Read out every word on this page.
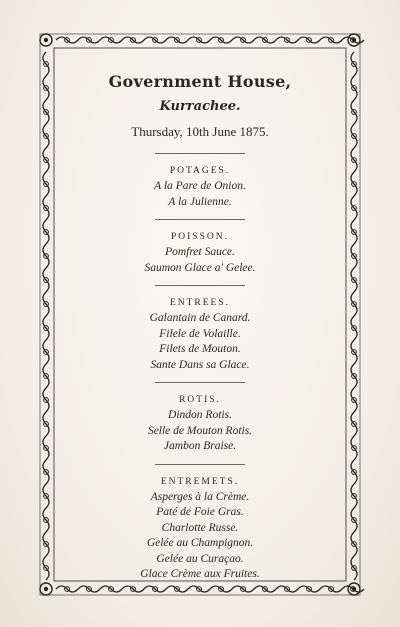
Government House,
Kurrachee.
Thursday, 10th June 1875.
POTAGES.
A la Pare de Onion.
A la Julienne.
POISSON.
Pomfret Sauce.
Saumon Glace a' Gelee.
ENTREES.
Galantain de Canard.
Filele de Volaille.
Filets de Mouton.
Sante Dans sa Glace.
ROTIS.
Dindon Rotis.
Selle de Mouton Rotis.
Jambon Braise.
ENTREMETS.
Asperges à la Crème.
Paté de Foie Gras.
Charlotte Russe.
Gelée au Champignon.
Gelée au Curaçao.
Glace Crème aux Fruites.
